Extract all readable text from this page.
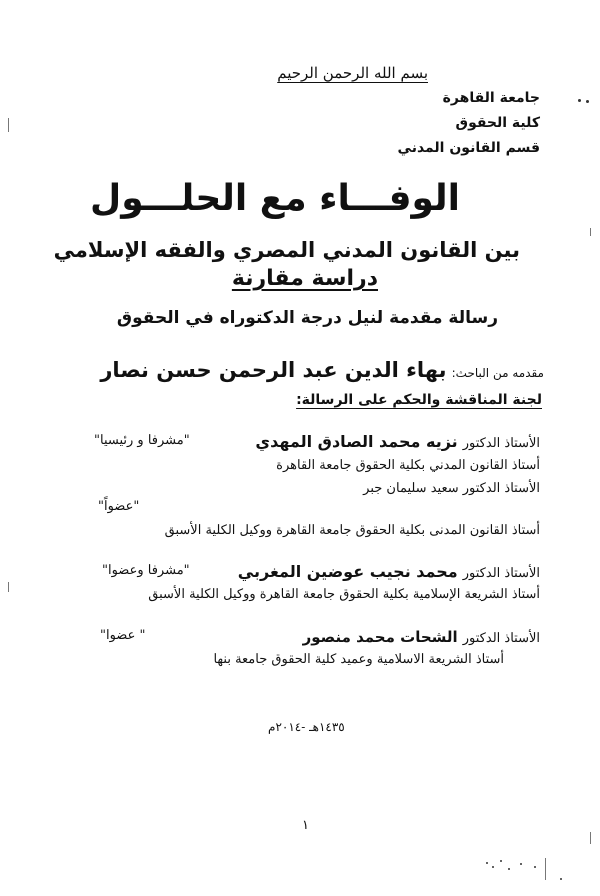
بسم الله الرحمن الرحيم
جامعة القاهرة
كلية الحقوق
قسم القانون المدني
الوفـــاء مع الحلـــول
بين القانون المدني المصري والفقه الإسلامي
دراسة مقارنة
رسالة مقدمة لنيل درجة الدكتوراه في الحقوق
مقدمه من الباحث: بهاء الدين عبد الرحمن حسن نصار
لجنة المناقشة والحكم على الرسالة:
الأستاذ الدكتور نزيه محمد الصادق المهدي
"مشرفا و رئيسيا"
أستاذ القانون المدني بكلية الحقوق جامعة القاهرة
الأستاذ الدكتور سعيد سليمان جبر
"عضواً"
أستاذ القانون المدنى بكلية الحقوق جامعة القاهرة ووكيل الكلية الأسبق
الأستاذ الدكتور محمد نجيب عوضين المغربي
"مشرفا وعضوا"
أستاذ الشريعة الإسلامية بكلية الحقوق جامعة القاهرة ووكيل الكلية الأسبق
الأستاذ الدكتور الشحات محمد منصور
" عضوا"
أستاذ الشريعة الاسلامية وعميد كلية الحقوق جامعة بنها
١٤٣٥هـ -٢٠١٤م
١
